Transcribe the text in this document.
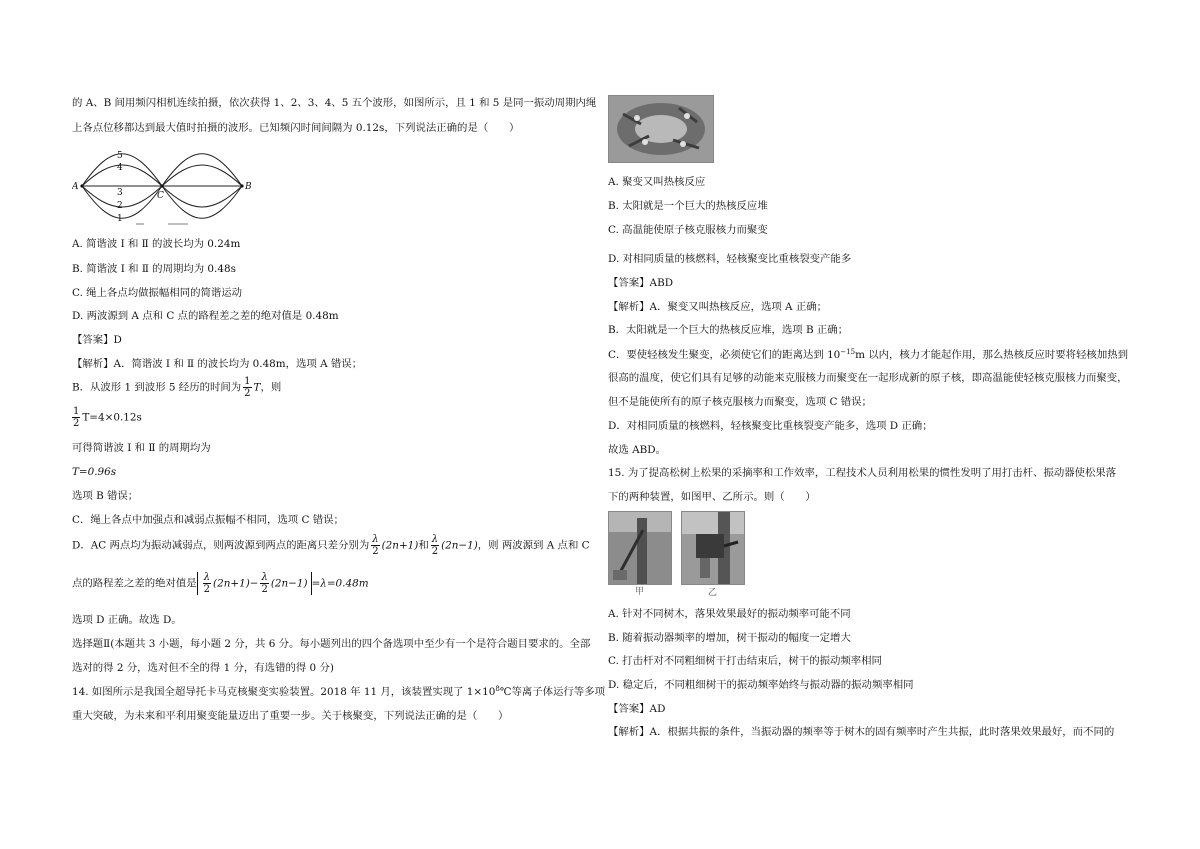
的 A、B 间用频闪相机连续拍摄，依次获得 1、2、3、4、5 五个波形，如图所示，且 1 和 5 是同一振动周期内绳
上各点位移都达到最大值时拍摄的波形。已知频闪时间间隔为 0.12s，下列说法正确的是（　　）
A
C
B
5
4
3
2
1
A. 简谐波 Ⅰ 和 Ⅱ 的波长均为 0.24m
B. 简谐波 Ⅰ 和 Ⅱ 的周期均为 0.48s
C. 绳上各点均做振幅相同的简谐运动
D. 两波源到 A 点和 C 点的路程差之差的绝对值是 0.48m
【答案】D
【解析】A．简谐波 Ⅰ 和 Ⅱ 的波长均为 0.48m，选项 A 错误；
B．从波形 1 到波形 5 经历的时间为 $\frac{1}{2}$ T，则
$\frac{1}{2} T=4\times 0.12s$
可得简谐波 Ⅰ 和 Ⅱ 的周期均为
T=0.96s
选项 B 错误；
C．绳上各点中加强点和减弱点振幅不相同，选项 C 错误；
D．AC 两点均为振动减弱点，则两波源到两点的距离只差分别为 $\frac{\lambda}{2} (2n+1)$和 $\frac{\lambda}{2} (2n-1)$，则 两波源到 A 点和 C
点的路程差之差的绝对值是 $\frac{\lambda}{2} (2n+1)- \frac{\lambda}{2} (2n-1) =\lambda=0.48m$
选项 D 正确。故选 D。
选择题Ⅱ(本题共 3 小题，每小题 2 分，共 6 分。每小题列出的四个备选项中至少有一个是符合题目要求的。全部
选对的得 2 分，选对但不全的得 1 分，有选错的得 0 分)
14. 如图所示是我国全超导托卡马克核聚变实验装置。2018 年 11 月，该装置实现了 $1\times 10^8℃$等离子体运行等多项
重大突破，为未来和平利用聚变能量迈出了重要一步。关于核聚变，下列说法正确的是（　　）
A. 聚变又叫热核反应
B. 太阳就是一个巨大的热核反应堆
C. 高温能使原子核克服核力而聚变
D. 对相同质量的核燃料，轻核聚变比重核裂变产能多
【答案】ABD
【解析】A．聚变又叫热核反应，选项 A 正确；
B．太阳就是一个巨大的热核反应堆，选项 B 正确；
C．要使轻核发生聚变，必须使它们的距离达到 $10^{-15}m$ 以内，核力才能起作用，那么热核反应时要将轻核加热到
很高的温度，使它们具有足够的动能来克服核力而聚变在一起形成新的原子核，即高温能使轻核克服核力而聚变，
但不是能使所有的原子核克服核力而聚变，选项 C 错误；
D．对相同质量的核燃料，轻核聚变比重核裂变产能多，选项 D 正确；
故选 ABD。
15. 为了提高松树上松果的采摘率和工作效率，工程技术人员利用松果的惯性发明了用打击杆、振动器使松果落
下的两种装置，如图甲、乙所示。则（　　）
甲	乙
A. 针对不同树木，落果效果最好的振动频率可能不同
B. 随着振动器频率的增加，树干振动的幅度一定增大
C. 打击杆对不同粗细树干打击结束后，树干的振动频率相同
D. 稳定后，不同粗细树干的振动频率始终与振动器的振动频率相同
【答案】AD
【解析】A．根据共振的条件，当振动器的频率等于树木的固有频率时产生共振，此时落果效果最好，而不同的
